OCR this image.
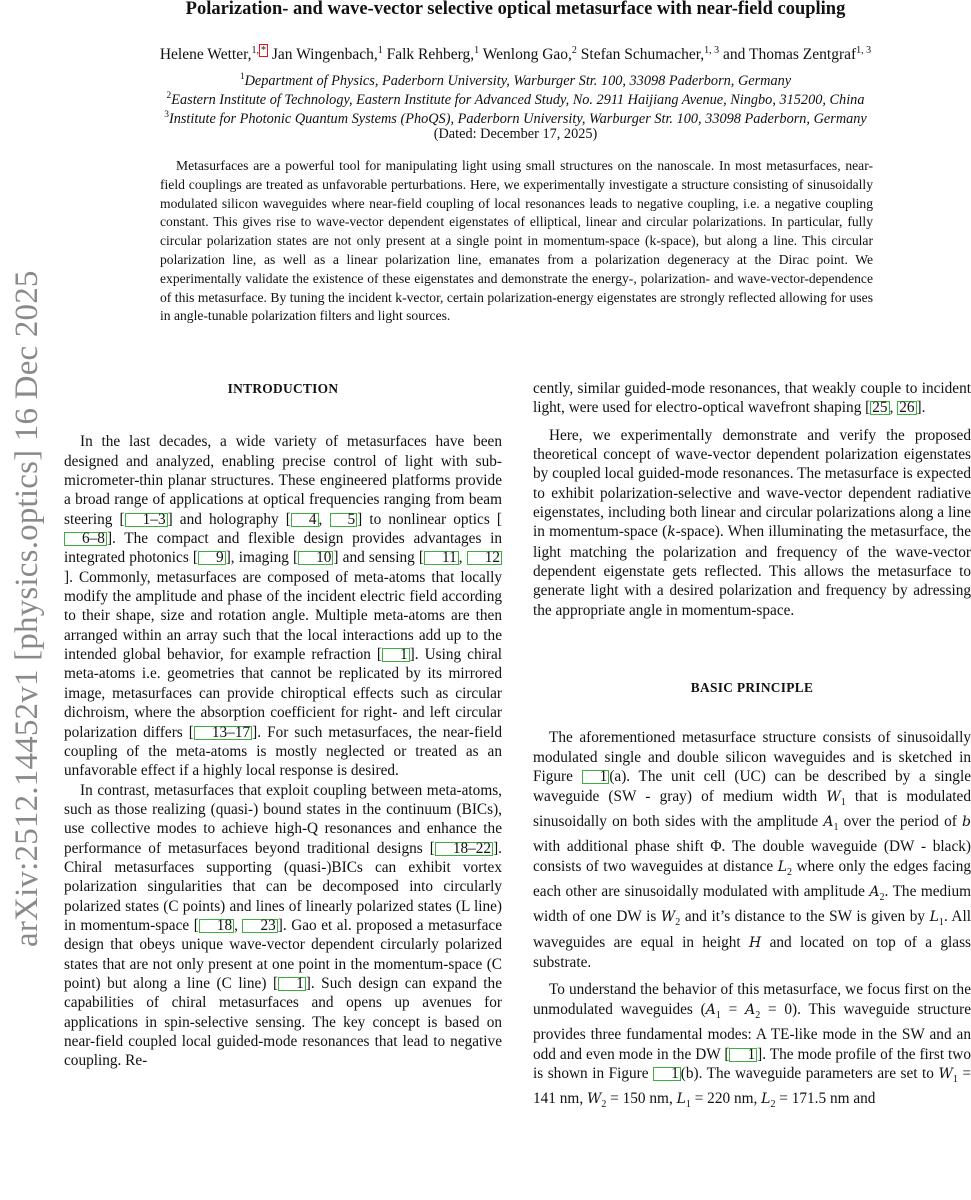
arXiv:2512.14452v1 [physics.optics] 16 Dec 2025
Polarization- and wave-vector selective optical metasurface with near-field coupling
Helene Wetter,$^{1,}$ * Jan Wingenbach,$^1$ Falk Rehberg,$^1$ Wenlong Gao,$^2$ Stefan Schumacher,$^{1, 3}$ and Thomas Zentgraf$^{1, 3}$
$^1$Department of Physics, Paderborn University, Warburger Str. 100, 33098 Paderborn, Germany
$^2$Eastern Institute of Technology, Eastern Institute for Advanced Study, No. 2911 Haijiang Avenue, Ningbo, 315200, China
$^3$Institute for Photonic Quantum Systems (PhoQS), Paderborn University, Warburger Str. 100, 33098 Paderborn, Germany
(Dated: December 17, 2025)
Metasurfaces are a powerful tool for manipulating light using small structures on the nanoscale. In most metasurfaces, near-field couplings are treated as unfavorable perturbations. Here, we experimentally investigate a structure consisting of sinusoidally modulated silicon waveguides where near-field coupling of local resonances leads to negative coupling, i.e. a negative coupling constant. This gives rise to wave-vector dependent eigenstates of elliptical, linear and circular polarizations. In particular, fully circular polarization states are not only present at a single point in momentum-space (k-space), but along a line. This circular polarization line, as well as a linear polarization line, emanates from a polarization degeneracy at the Dirac point. We experimentally validate the existence of these eigenstates and demonstrate the energy-, polarization- and wave-vector-dependence of this metasurface. By tuning the incident k-vector, certain polarization-energy eigenstates are strongly reflected allowing for uses in angle-tunable polarization filters and light sources.

INTRODUCTION

In the last decades, a wide variety of metasurfaces have been designed and analyzed, enabling precise control of light with sub-micrometer-thin planar structures. These engineered platforms provide a broad range of applications at optical frequencies ranging from beam steering [ 1–3 ] and holography [ 4 , 5 ] to nonlinear optics [6–8 ]. The compact and flexible design provides advantages in integrated photonics [ 9 ], imaging [ 10 ] and sensing [ 11 , 12]. Commonly, metasurfaces are composed of meta-atoms that locally modify the amplitude and phase of the incident electric field according to their shape, size and rotation angle. Multiple meta-atoms are then arranged within an array such that the local interactions add up to the intended global behavior, for example refraction [ 1 ]. Using chiral meta-atoms i.e. geometries that cannot be replicated by its mirrored image, metasurfaces can provide chiroptical effects such as circular dichroism, where the absorption coefficient for right- and left circular polarization differs [ 13–17 ]. For such metasurfaces, the near-field coupling of the meta-atoms is mostly neglected or treated as an unfavorable effect if a highly local response is desired.

In contrast, metasurfaces that exploit coupling between meta-atoms, such as those realizing (quasi-) bound states in the continuum (BICs), use collective modes to achieve high-Q resonances and enhance the performance of metasurfaces beyond traditional designs [ 18–22 ]. Chiral metasurfaces supporting (quasi-)BICs can exhibit vortex polarization singularities that can be decomposed into circularly polarized states (C points) and lines of linearly polarized states (L line) in momentum-space [ 18 , 23 ]. Gao et al. proposed a metasurface design that obeys unique wave-vector dependent circularly polarized states that are not only present at one point in the momentum-space (C point) but along a line (C line) [ 1 ]. Such design can expand the capabilities of chiral metasurfaces and opens up avenues for applications in spin-selective sensing. The key concept is based on near-field coupled local guided-mode resonances that lead to negative coupling. Re-

cently, similar guided-mode resonances, that weakly couple to incident light, were used for electro-optical wavefront shaping [ 25 , 26 ].

Here, we experimentally demonstrate and verify the proposed theoretical concept of wave-vector dependent polarization eigenstates by coupled local guided-mode resonances. The metasurface is expected to exhibit polarization-selective and wave-vector dependent radiative eigenstates, including both linear and circular polarizations along a line in momentum-space (k-space). When illuminating the metasurface, the light matching the polarization and frequency of the wave-vector dependent eigenstate gets reflected. This allows the metasurface to generate light with a desired polarization and frequency by adressing the appropriate angle in momentum-space.

BASIC PRINCIPLE

The aforementioned metasurface structure consists of sinusoidally modulated single and double silicon waveguides and is sketched in Figure 1 (a). The unit cell (UC) can be described by a single waveguide (SW - gray) of medium width $W_1$ that is modulated sinusoidally on both sides with the amplitude $A_1$ over the period of b with additional phase shift Φ. The double waveguide (DW - black) consists of two waveguides at distance $L_2$ where only the edges facing each other are sinusoidally modulated with amplitude $A_2$. The medium width of one DW is $W_2$ and it’s distance to the SW is given by $L_1$. All waveguides are equal in height H and located on top of a glass substrate.

To understand the behavior of this metasurface, we focus first on the unmodulated waveguides $(A_1 = A_2 = 0)$. This waveguide structure provides three fundamental modes: A TE-like mode in the SW and an odd and even mode in the DW [ 1 ]. The mode profile of the first two is shown in Figure 1 (b). The waveguide parameters are set to $W_1 = 141$ nm, $W_2 = 150$ nm, $L_1 = 220$ nm, $L_2 = 171.5$ nm and
